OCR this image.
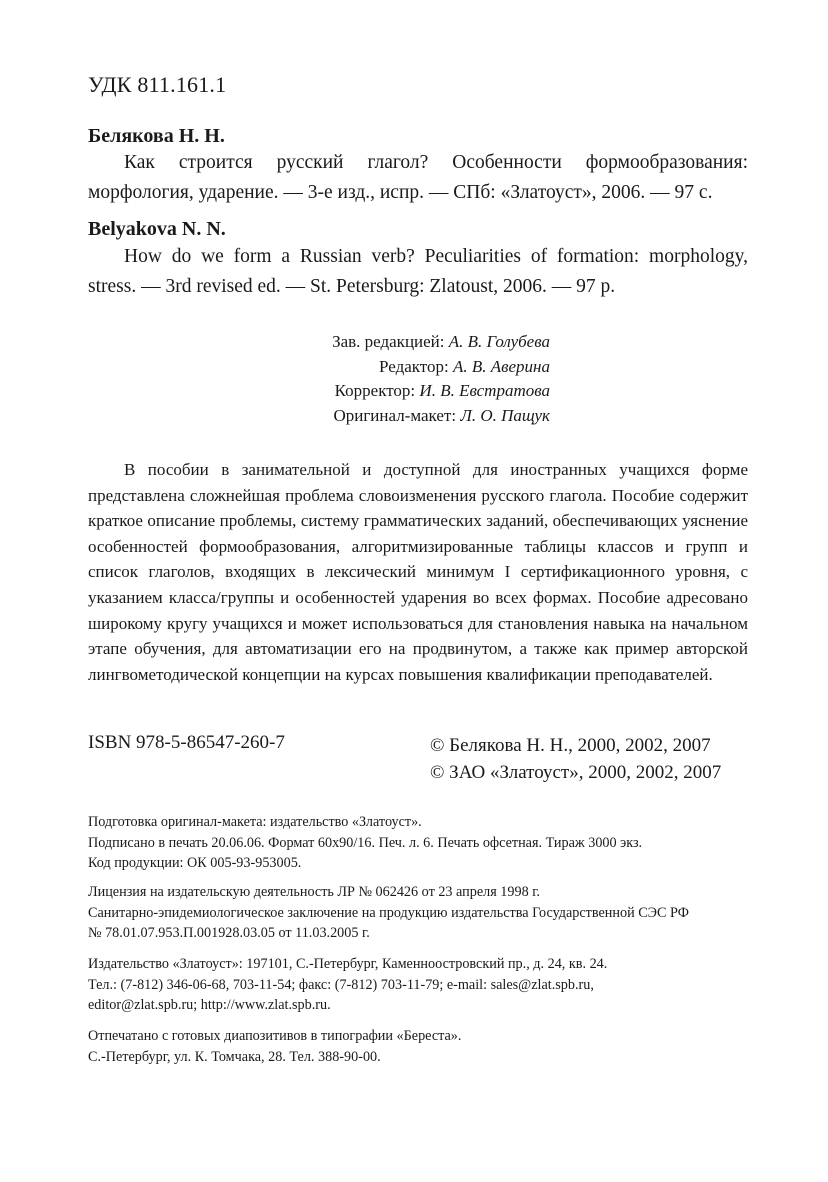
УДК 811.161.1
Белякова Н. Н.
Как строится русский глагол? Особенности формообразования: морфология, ударение. — 3-е изд., испр. — СПб: «Златоуст», 2006. — 97 с.
Belyakova N. N.
How do we form a Russian verb? Peculiarities of formation: morphology, stress. — 3rd revised ed. — St. Petersburg: Zlatoust, 2006. — 97 p.
Зав. редакцией: А. В. Голубева
Редактор: А. В. Аверина
Корректор: И. В. Евстратова
Оригинал-макет: Л. О. Пащук
В пособии в занимательной и доступной для иностранных учащихся форме представлена сложнейшая проблема словоизменения русского глагола. Пособие содержит краткое описание проблемы, систему грамматических заданий, обеспечивающих уяснение особенностей формообразования, алгоритмизированные таблицы классов и групп и список глаголов, входящих в лексический минимум I сертификационного уровня, с указанием класса/группы и особенностей ударения во всех формах. Пособие адресовано широкому кругу учащихся и может использоваться для становления навыка на начальном этапе обучения, для автоматизации его на продвинутом, а также как пример авторской лингвометодической концепции на курсах повышения квалификации преподавателей.
ISBN 978-5-86547-260-7	© Белякова Н. Н., 2000, 2002, 2007
© ЗАО «Златоуст», 2000, 2002, 2007
Подготовка оригинал-макета: издательство «Златоуст».
Подписано в печать 20.06.06. Формат 60х90/16. Печ. л. 6. Печать офсетная. Тираж 3000 экз.
Код продукции: ОК 005-93-953005.
Лицензия на издательскую деятельность ЛР № 062426 от 23 апреля 1998 г.
Санитарно-эпидемиологическое заключение на продукцию издательства Государственной СЭС РФ
№ 78.01.07.953.П.001928.03.05 от 11.03.2005 г.
Издательство «Златоуст»: 197101, С.-Петербург, Каменноостровский пр., д. 24, кв. 24.
Тел.: (7-812) 346-06-68, 703-11-54; факс: (7-812) 703-11-79; e-mail: sales@zlat.spb.ru,
editor@zlat.spb.ru; http://www.zlat.spb.ru.
Отпечатано с готовых диапозитивов в типографии «Береста».
С.-Петербург, ул. К. Томчака, 28. Тел. 388-90-00.
